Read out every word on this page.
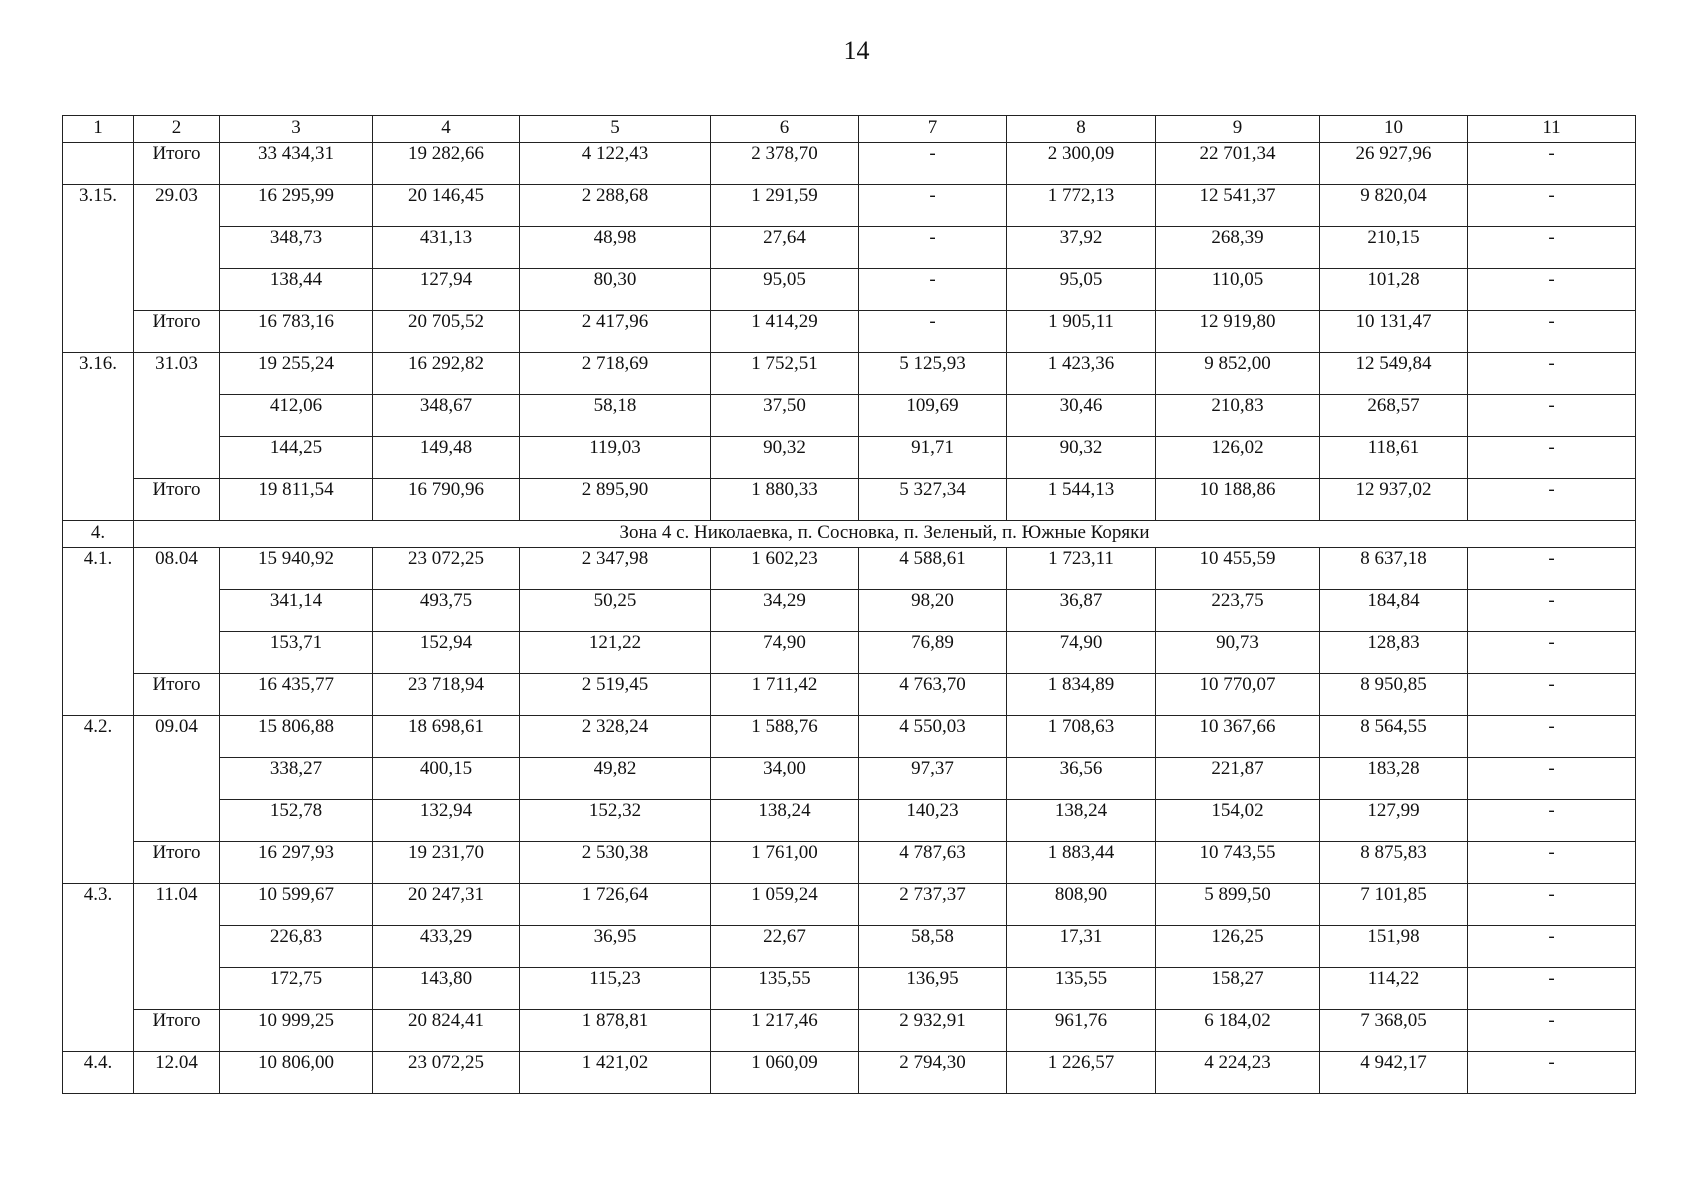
14
1	2	3	4	5	6	7	8	9	10	11
	Итого	33 434,31	19 282,66	4 122,43	2 378,70	-	2 300,09	22 701,34	26 927,96	-
3.15.	29.03	16 295,99	20 146,45	2 288,68	1 291,59	-	1 772,13	12 541,37	9 820,04	-
		348,73	431,13	48,98	27,64	-	37,92	268,39	210,15	-
		138,44	127,94	80,30	95,05	-	95,05	110,05	101,28	-
	Итого	16 783,16	20 705,52	2 417,96	1 414,29	-	1 905,11	12 919,80	10 131,47	-
3.16.	31.03	19 255,24	16 292,82	2 718,69	1 752,51	5 125,93	1 423,36	9 852,00	12 549,84	-
		412,06	348,67	58,18	37,50	109,69	30,46	210,83	268,57	-
		144,25	149,48	119,03	90,32	91,71	90,32	126,02	118,61	-
	Итого	19 811,54	16 790,96	2 895,90	1 880,33	5 327,34	1 544,13	10 188,86	12 937,02	-
4.	Зона 4 с. Николаевка, п. Сосновка, п. Зеленый, п. Южные Коряки									
4.1.	08.04	15 940,92	23 072,25	2 347,98	1 602,23	4 588,61	1 723,11	10 455,59	8 637,18	-
		341,14	493,75	50,25	34,29	98,20	36,87	223,75	184,84	-
		153,71	152,94	121,22	74,90	76,89	74,90	90,73	128,83	-
	Итого	16 435,77	23 718,94	2 519,45	1 711,42	4 763,70	1 834,89	10 770,07	8 950,85	-
4.2.	09.04	15 806,88	18 698,61	2 328,24	1 588,76	4 550,03	1 708,63	10 367,66	8 564,55	-
		338,27	400,15	49,82	34,00	97,37	36,56	221,87	183,28	-
		152,78	132,94	152,32	138,24	140,23	138,24	154,02	127,99	-
	Итого	16 297,93	19 231,70	2 530,38	1 761,00	4 787,63	1 883,44	10 743,55	8 875,83	-
4.3.	11.04	10 599,67	20 247,31	1 726,64	1 059,24	2 737,37	808,90	5 899,50	7 101,85	-
		226,83	433,29	36,95	22,67	58,58	17,31	126,25	151,98	-
		172,75	143,80	115,23	135,55	136,95	135,55	158,27	114,22	-
	Итого	10 999,25	20 824,41	1 878,81	1 217,46	2 932,91	961,76	6 184,02	7 368,05	-
4.4.	12.04	10 806,00	23 072,25	1 421,02	1 060,09	2 794,30	1 226,57	4 224,23	4 942,17	-
